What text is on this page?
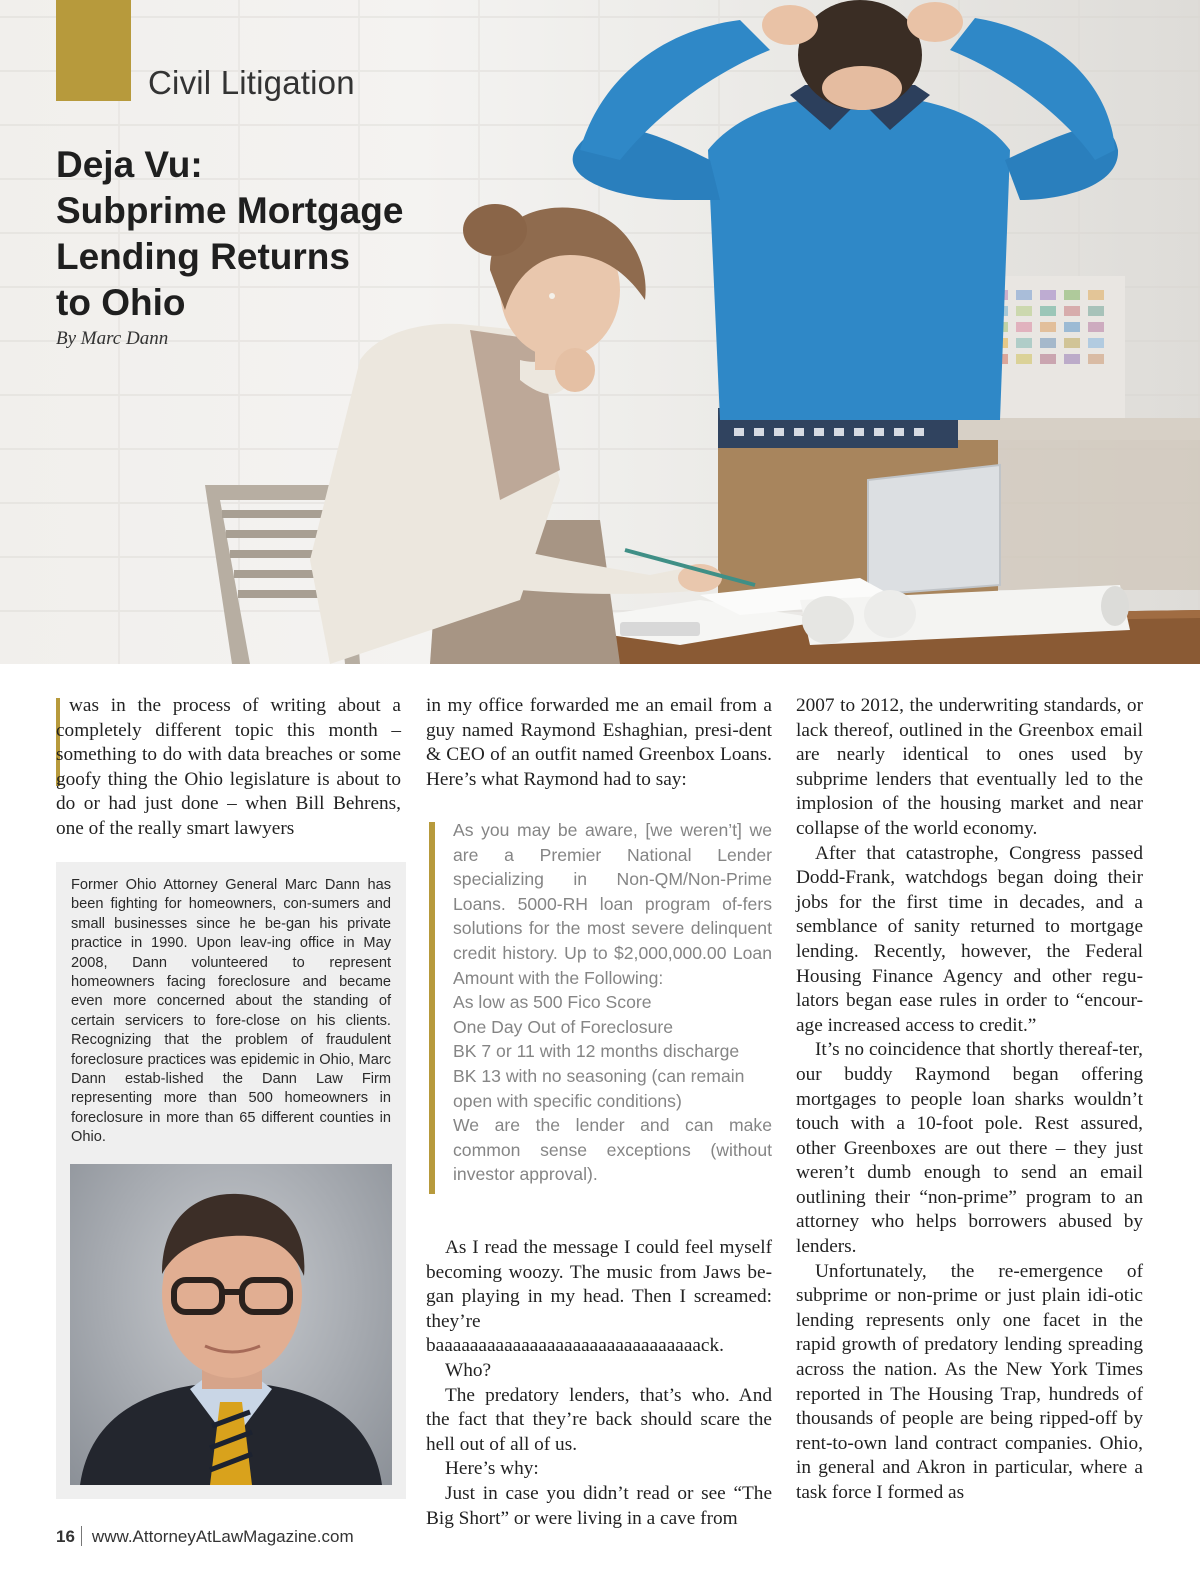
Civil Litigation
Deja Vu:
Subprime Mortgage
Lending Returns
to Ohio
By Marc Dann

was in the process of writing about a completely different topic this month – something to do with data breaches or some goofy thing the Ohio legislature is about to do or had just done – when Bill Behrens, one of the really smart lawyers

Former Ohio Attorney General Marc Dann has been fighting for homeowners, con-sumers and small businesses since he be-gan his private practice in 1990. Upon leav-ing office in May 2008, Dann volunteered to represent homeowners facing foreclosure and became even more concerned about the standing of certain servicers to fore-close on his clients. Recognizing that the problem of fraudulent foreclosure practices was epidemic in Ohio, Marc Dann estab-lished the Dann Law Firm representing more than 500 homeowners in foreclosure in more than 65 different counties in Ohio.

in my office forwarded me an email from a guy named Raymond Eshaghian, presi-dent & CEO of an outfit named Greenbox Loans. Here’s what Raymond had to say:

As you may be aware, [we weren’t] we are a Premier National Lender specializing in Non-QM/Non-Prime Loans. 5000-RH loan program of-fers solutions for the most severe delinquent credit history. Up to $2,000,000.00 Loan Amount with the Following:

As low as 500 Fico Score

One Day Out of Foreclosure

BK 7 or 11 with 12 months discharge

BK 13 with no seasoning (can remain open with specific conditions)

We are the lender and can make common sense exceptions (without investor approval).

As I read the message I could feel myself becoming woozy. The music from Jaws be-gan playing in my head. Then I screamed: they’re baaaaaaaaaaaaaaaaaaaaaaaaaaaaaaack.

Who?

The predatory lenders, that’s who. And the fact that they’re back should scare the hell out of all of us.

Here’s why:

Just in case you didn’t read or see “The Big Short” or were living in a cave from

2007 to 2012, the underwriting standards, or lack thereof, outlined in the Greenbox email are nearly identical to ones used by subprime lenders that eventually led to the implosion of the housing market and near collapse of the world economy.

After that catastrophe, Congress passed Dodd-Frank, watchdogs began doing their jobs for the first time in decades, and a semblance of sanity returned to mortgage lending. Recently, however, the Federal Housing Finance Agency and other regu-lators began ease rules in order to “encour-age increased access to credit.”

It’s no coincidence that shortly thereaf-ter, our buddy Raymond began offering mortgages to people loan sharks wouldn’t touch with a 10-foot pole. Rest assured, other Greenboxes are out there – they just weren’t dumb enough to send an email outlining their “non-prime” program to an attorney who helps borrowers abused by lenders.

Unfortunately, the re-emergence of subprime or non-prime or just plain idi-otic lending represents only one facet in the rapid growth of predatory lending spreading across the nation. As the New York Times reported in The Housing Trap, hundreds of thousands of people are being ripped-off by rent-to-own land contract companies. Ohio, in general and Akron in particular, where a task force I formed as

16 www.AttorneyAtLawMagazine.com
